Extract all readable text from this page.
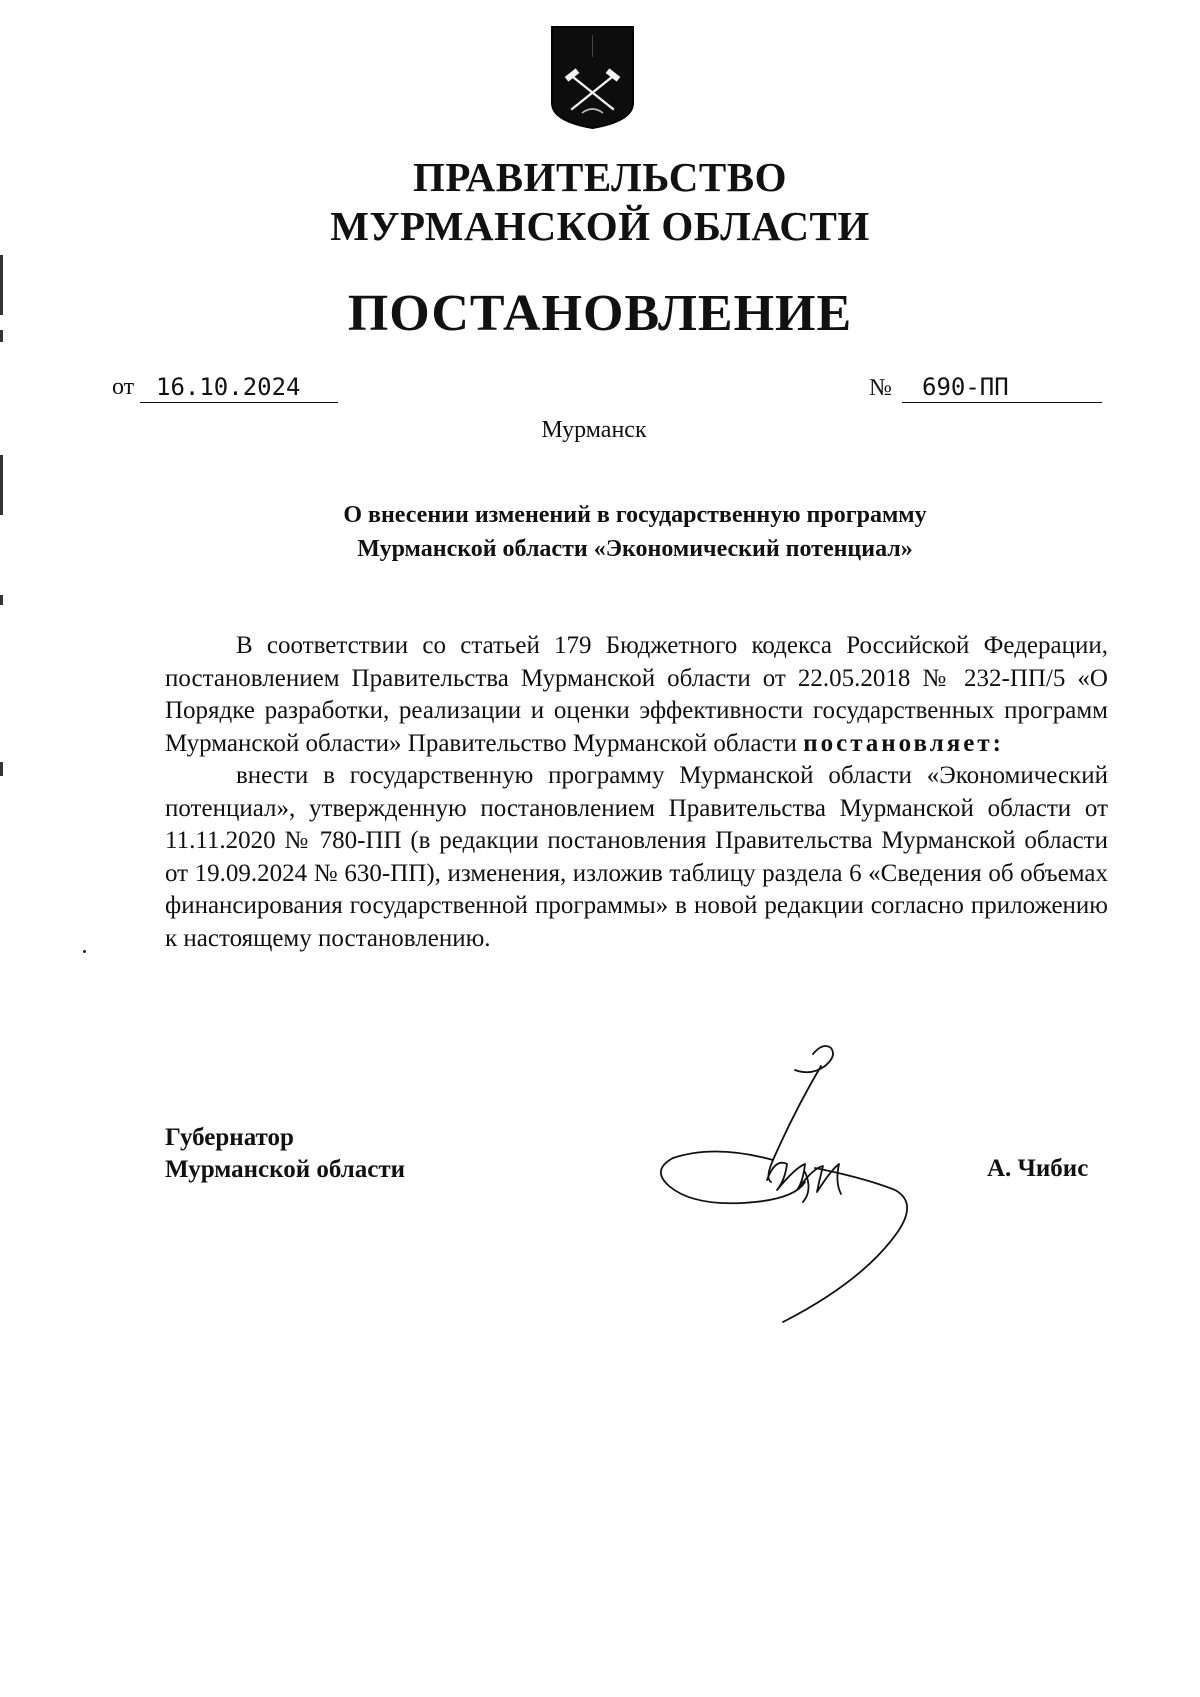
ПРАВИТЕЛЬСТВО
МУРМАНСКОЙ ОБЛАСТИ
ПОСТАНОВЛЕНИЕ
от 16.10.2024	№	690-ПП
Мурманск
О внесении изменений в государственную программу
Мурманской области «Экономический потенциал»

В соответствии со статьей 179 Бюджетного кодекса Российской Федерации, постановлением Правительства Мурманской области от 22.05.2018 № 232-ПП/5 «О Порядке разработки, реализации и оценки эффективности государственных программ Мурманской области» Правительство Мурманской области постановляет:

внести в государственную программу Мурманской области «Экономический потенциал», утвержденную постановлением Правительства Мурманской области от 11.11.2020 № 780-ПП (в редакции постановления Правительства Мурманской области от 19.09.2024 № 630-ПП), изменения, изложив таблицу раздела 6 «Сведения об объемах финансирования государственной программы» в новой редакции согласно приложению к настоящему постановлению.

Губернатор
Мурманской области	А. Чибис
